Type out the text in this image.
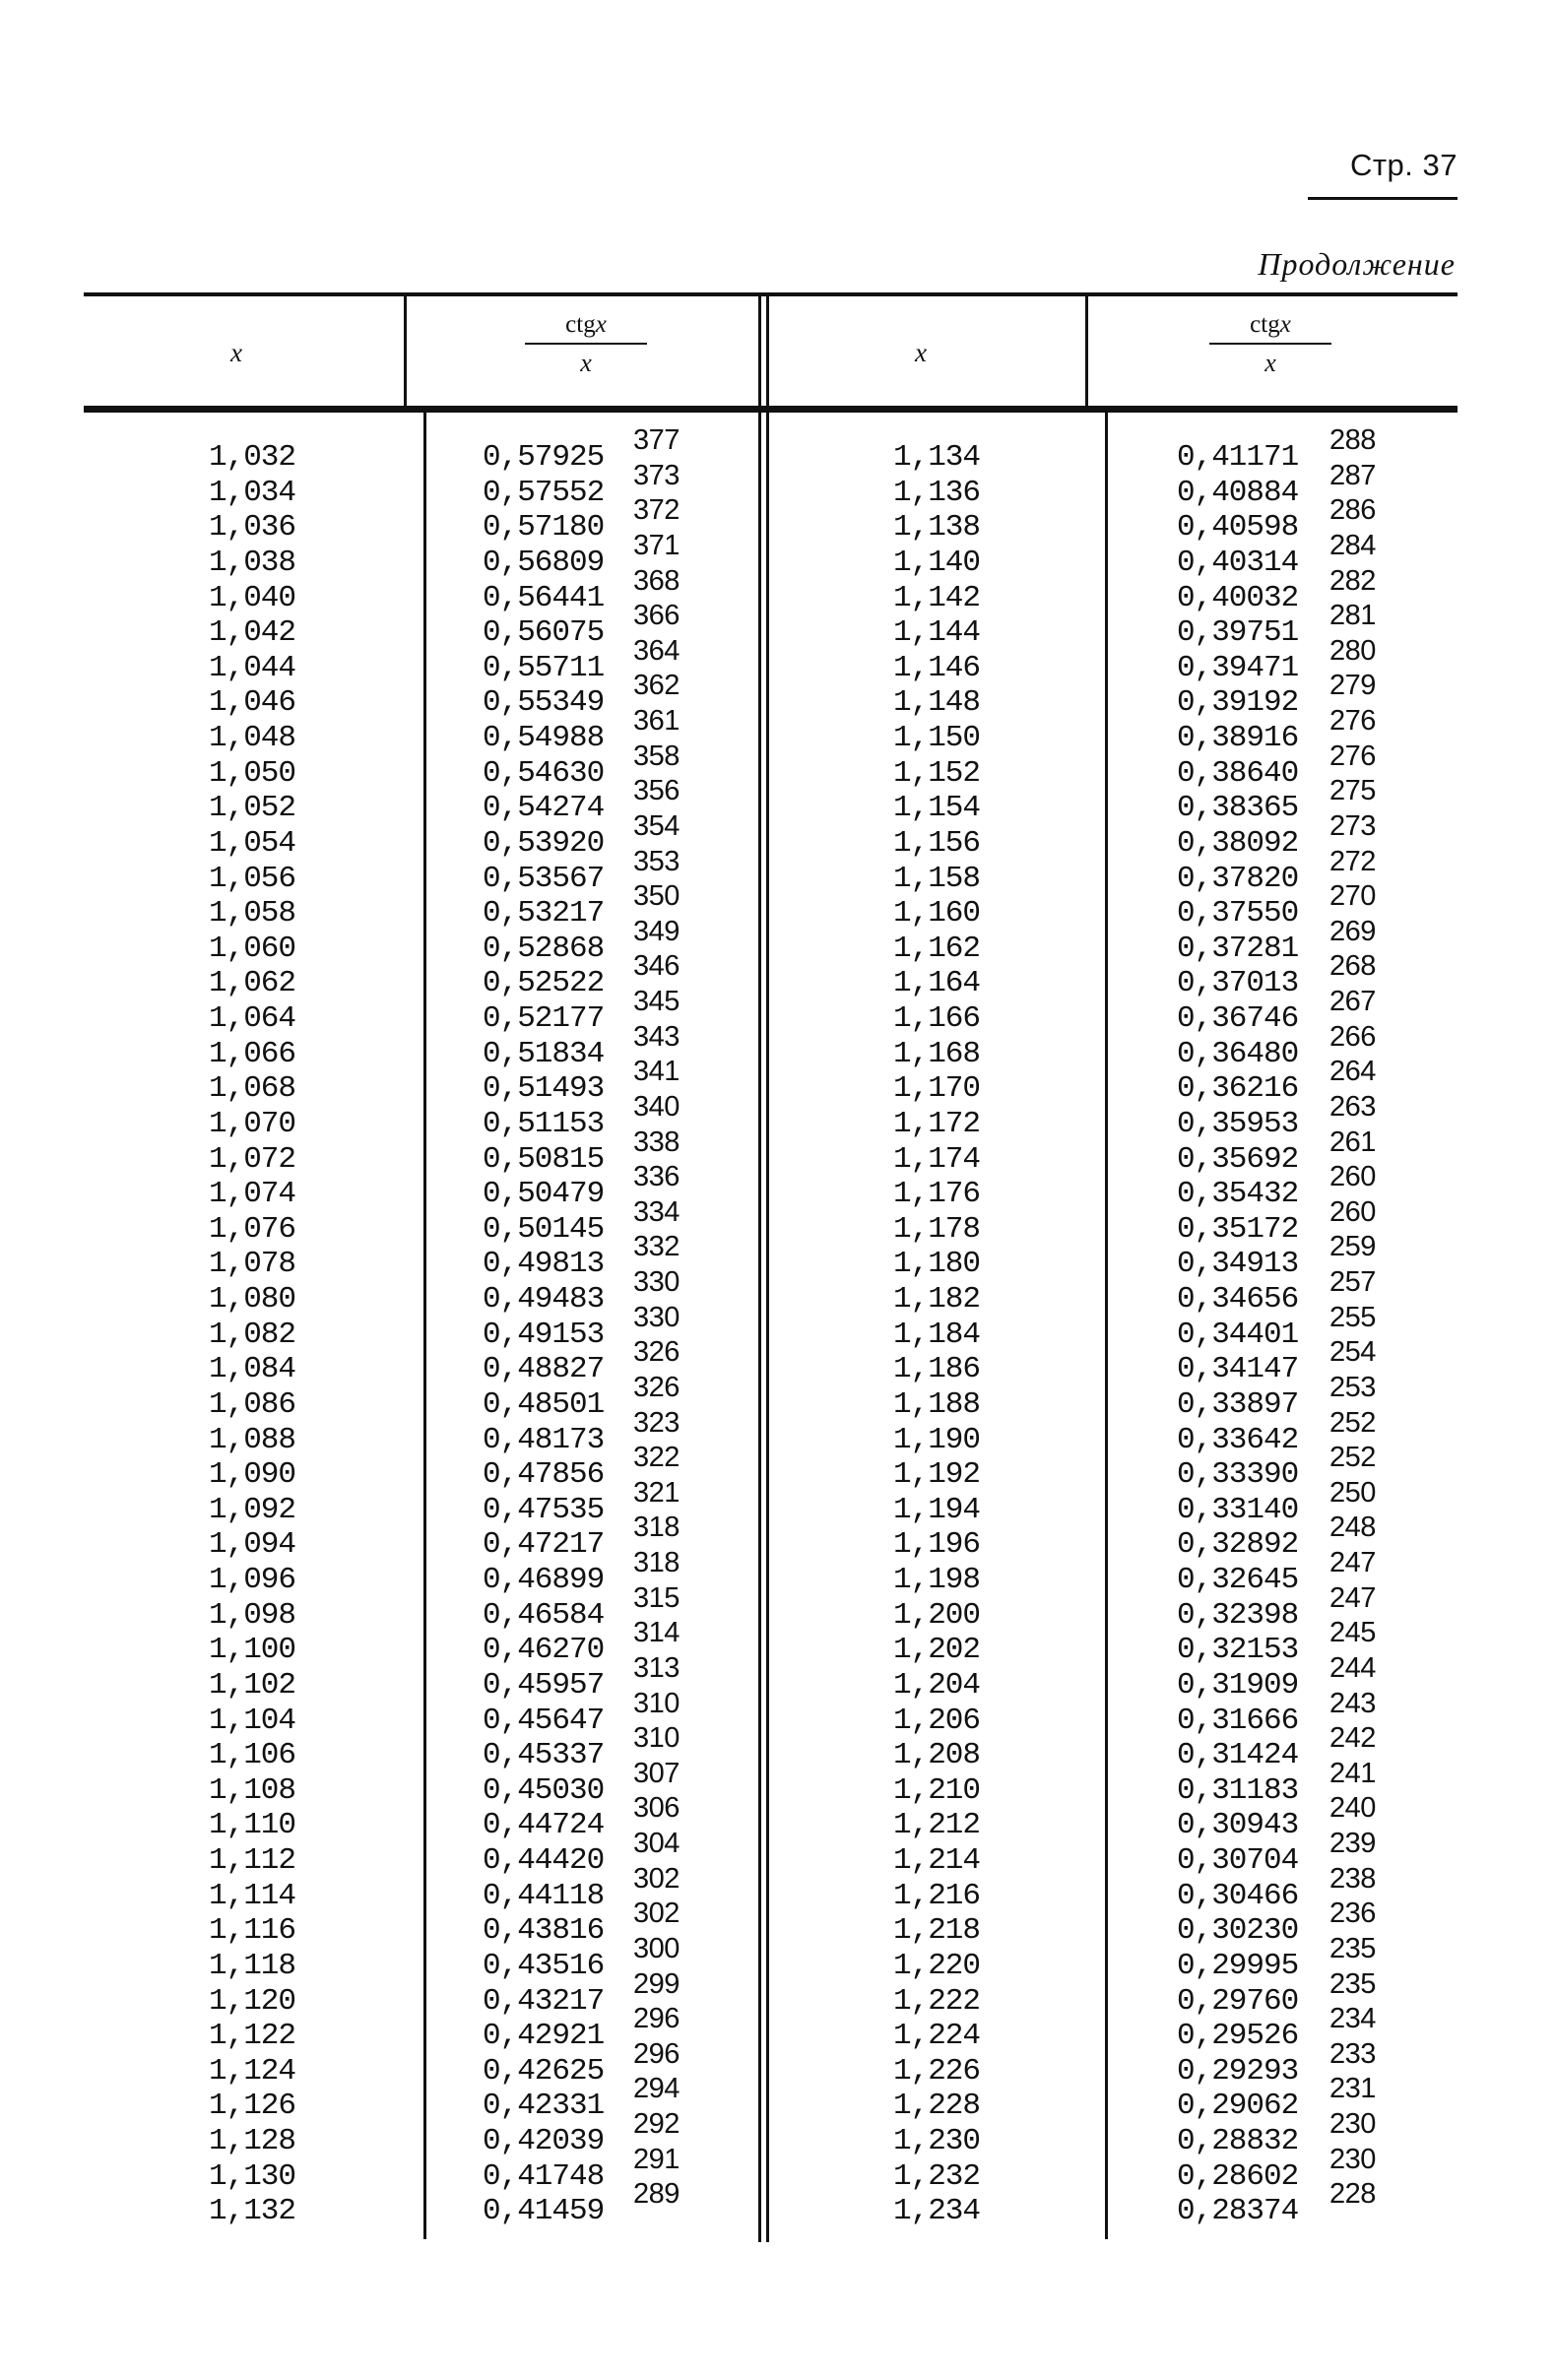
Стр. 37
Продолжение
x
ctgx
x	x
ctgx
x
1,032
1,034
1,036
1,038
1,040
1,042
1,044
1,046
1,048
1,050
1,052
1,054
1,056
1,058
1,060
1,062
1,064
1,066
1,068
1,070
1,072
1,074
1,076
1,078
1,080
1,082
1,084
1,086
1,088
1,090
1,092
1,094
1,096
1,098
1,100
1,102
1,104
1,106
1,108
1,110
1,112
1,114
1,116
1,118
1,120
1,122
1,124
1,126
1,128
1,130
1,132
0,57925
0,57552
0,57180
0,56809
0,56441
0,56075
0,55711
0,55349
0,54988
0,54630
0,54274
0,53920
0,53567
0,53217
0,52868
0,52522
0,52177
0,51834
0,51493
0,51153
0,50815
0,50479
0,50145
0,49813
0,49483
0,49153
0,48827
0,48501
0,48173
0,47856
0,47535
0,47217
0,46899
0,46584
0,46270
0,45957
0,45647
0,45337
0,45030
0,44724
0,44420
0,44118
0,43816
0,43516
0,43217
0,42921
0,42625
0,42331
0,42039
0,41748
0,41459
377
373
372
371
368
366
364
362
361
358
356
354
353
350
349
346
345
343
341
340
338
336
334
332
330
330
326
326
323
322
321
318
318
315
314
313
310
310
307
306
304
302
302
300
299
296
296
294
292
291
289
1,134
1,136
1,138
1,140
1,142
1,144
1,146
1,148
1,150
1,152
1,154
1,156
1,158
1,160
1,162
1,164
1,166
1,168
1,170
1,172
1,174
1,176
1,178
1,180
1,182
1,184
1,186
1,188
1,190
1,192
1,194
1,196
1,198
1,200
1,202
1,204
1,206
1,208
1,210
1,212
1,214
1,216
1,218
1,220
1,222
1,224
1,226
1,228
1,230
1,232
1,234
0,41171
0,40884
0,40598
0,40314
0,40032
0,39751
0,39471
0,39192
0,38916
0,38640
0,38365
0,38092
0,37820
0,37550
0,37281
0,37013
0,36746
0,36480
0,36216
0,35953
0,35692
0,35432
0,35172
0,34913
0,34656
0,34401
0,34147
0,33897
0,33642
0,33390
0,33140
0,32892
0,32645
0,32398
0,32153
0,31909
0,31666
0,31424
0,31183
0,30943
0,30704
0,30466
0,30230
0,29995
0,29760
0,29526
0,29293
0,29062
0,28832
0,28602
0,28374
288
287
286
284
282
281
280
279
276
276
275
273
272
270
269
268
267
266
264
263
261
260
260
259
257
255
254
253
252
252
250
248
247
247
245
244
243
242
241
240
239
238
236
235
235
234
233
231
230
230
228
